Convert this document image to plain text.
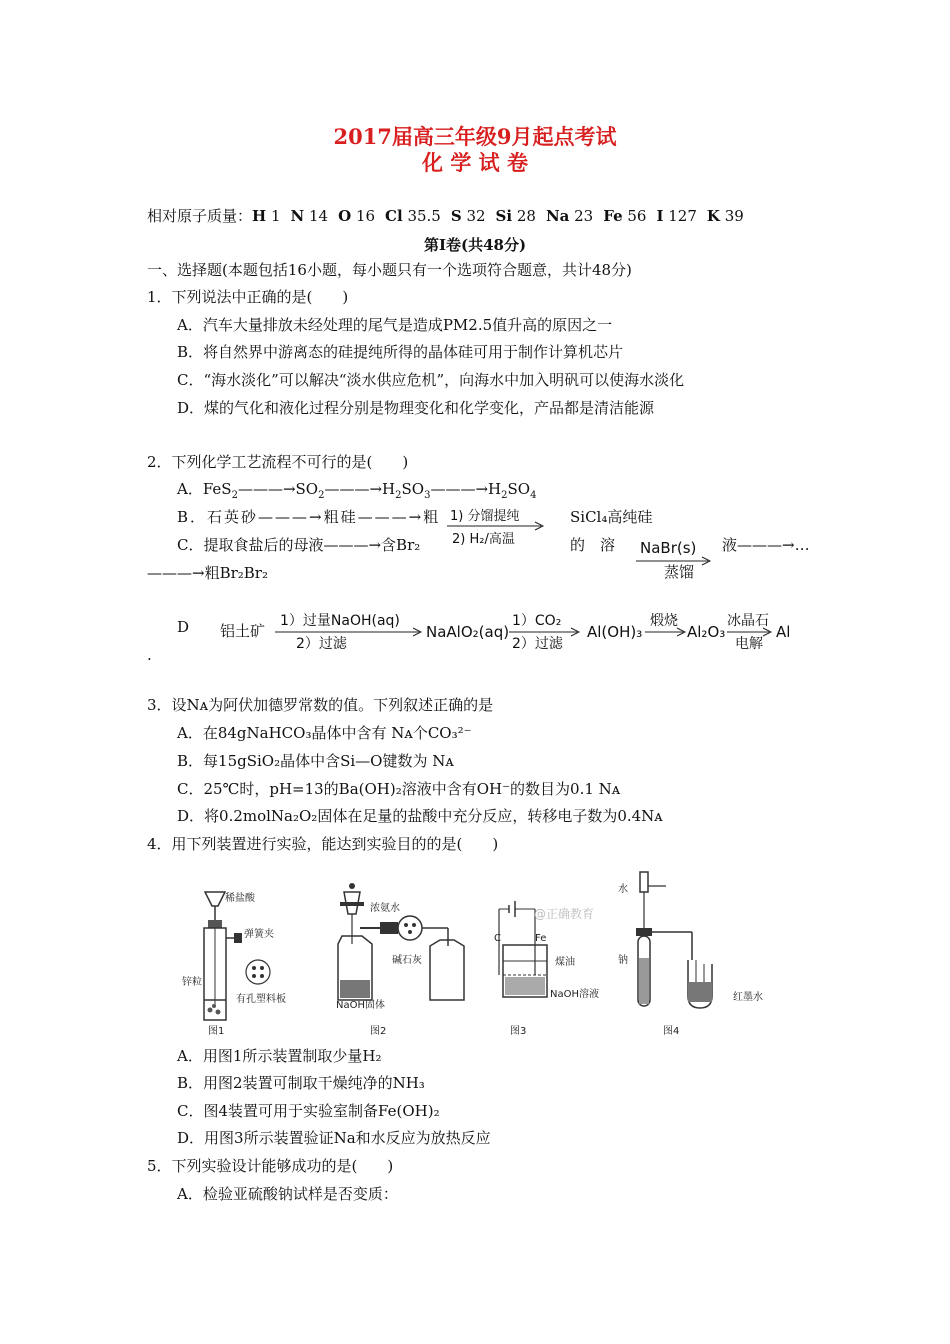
2017届高三年级9月起点考试
化 学 试 卷
相对原子质量：H 1 N 14 O 16 Cl 35.5 S 32 Si 28 Na 23 Fe 56 I 127 K 39
第Ⅰ卷(共48分)
一、选择题(本题包括16小题，每小题只有一个选项符合题意，共计48分)
1．下列说法中正确的是(　　)
A．汽车大量排放未经处理的尾气是造成PM2.5值升高的原因之一
B．将自然界中游离态的硅提纯所得的晶体硅可用于制作计算机芯片
C．“海水淡化”可以解决“淡水供应危机”，向海水中加入明矾可以使海水淡化
D．煤的气化和液化过程分别是物理变化和化学变化，产品都是清洁能源
2．下列化学工艺流程不可行的是(　　)
A．$FeS_2———\to SO_2———\to H_2SO_3———\to H_2SO_4$
B．石英砂———→粗硅———→粗 1) 分馏提纯
2) H₂/高温
SiCl₄高纯硅
C．提取食盐后的母液———→含Br₂	的　溶 NaBr(s)
蒸馏
液———→…
———→粗Br₂Br₂
D 铝土矿
1）过量NaOH(aq)
2）过滤
NaAlO₂(aq)
1）CO₂
2）过滤
Al(OH)₃
煅烧
Al₂O₃
冰晶石
电解
Al
.
3．设Nᴀ为阿伏加德罗常数的值。下列叙述正确的是
A．在84gNaHCO₃晶体中含有 Nᴀ个CO₃²⁻
B．每15gSiO₂晶体中含Si—O键数为 Nᴀ
C．25℃时，pH=13的Ba(OH)₂溶液中含有OH⁻的数目为0.1 Nᴀ
D．将0.2molNa₂O₂固体在足量的盐酸中充分反应，转移电子数为0.4Nᴀ
4．用下列装置进行实验，能达到实验目的的是(　　)
稀盐酸
弹簧夹
锌粒
有孔塑料板
图1
浓氨水
碱石灰
NaOH固体
图2
@正确教育
C	Fe
煤油
NaOH溶液
图3
水
钠
红墨水
图4
A．用图1所示装置制取少量H₂
B．用图2装置可制取干燥纯净的NH₃
C．图4装置可用于实验室制备Fe(OH)₂
D．用图3所示装置验证Na和水反应为放热反应
5．下列实验设计能够成功的是(　　)
A．检验亚硫酸钠试样是否变质：
